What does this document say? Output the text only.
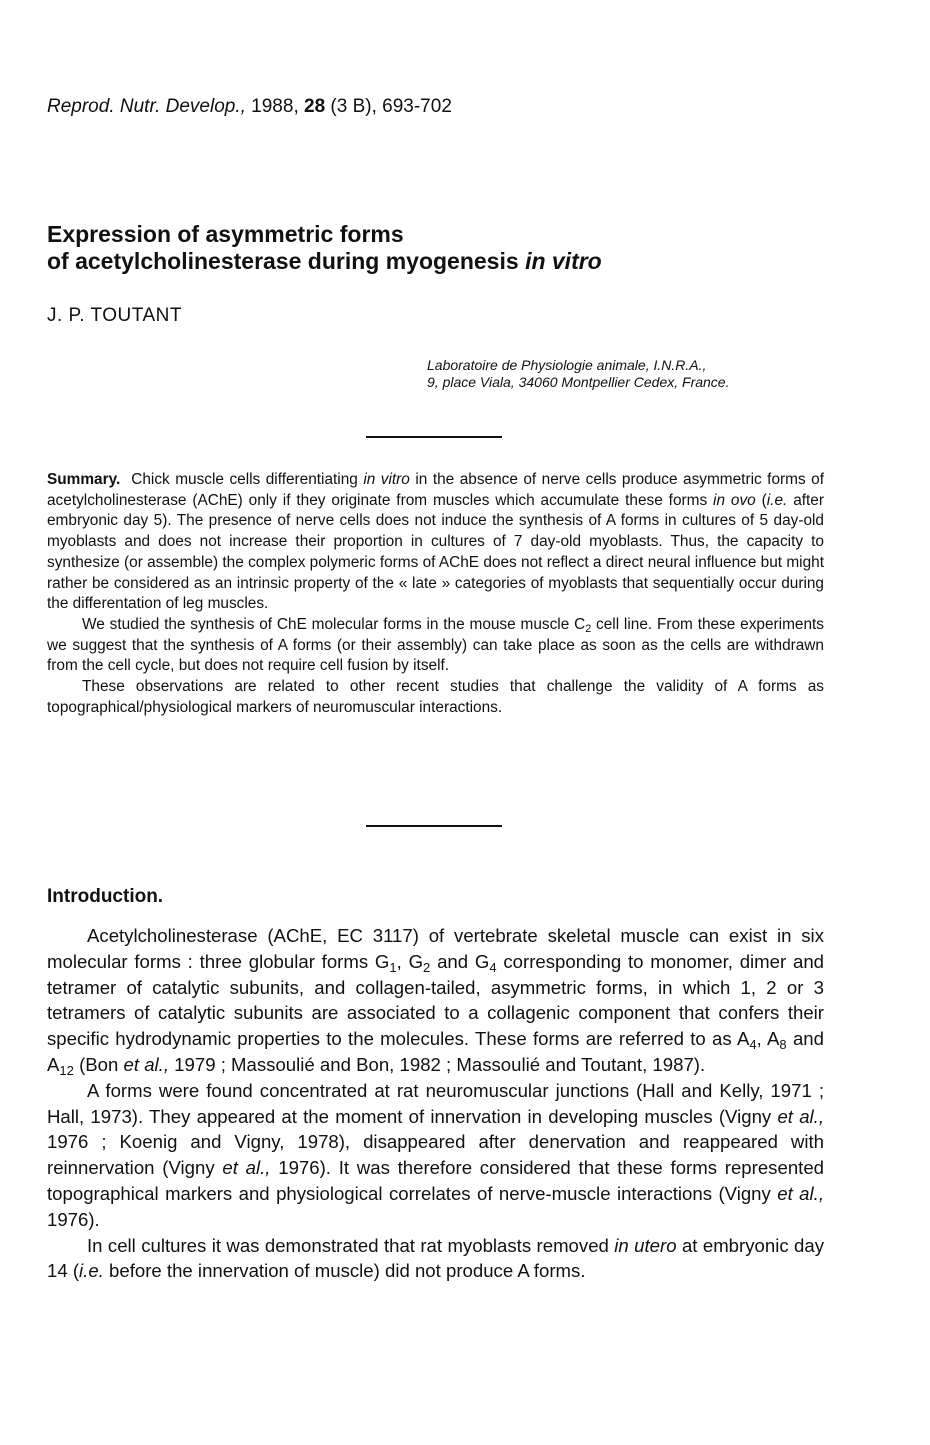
Reprod. Nutr. Develop., 1988, 28 (3 B), 693-702
Expression of asymmetric forms
of acetylcholinesterase during myogenesis in vitro
J. P. TOUTANT
Laboratoire de Physiologie animale, I.N.R.A.,
9, place Viala, 34060 Montpellier Cedex, France.

Summary. Chick muscle cells differentiating in vitro in the absence of nerve cells produce asymmetric forms of acetylcholinesterase (AChE) only if they originate from muscles which accumulate these forms in ovo (i.e. after embryonic day 5). The presence of nerve cells does not induce the synthesis of A forms in cultures of 5 day-old myoblasts and does not increase their proportion in cultures of 7 day-old myoblasts. Thus, the capacity to synthesize (or assemble) the complex polymeric forms of AChE does not reflect a direct neural influence but might rather be considered as an intrinsic property of the « late » categories of myoblasts that sequentially occur during the differentation of leg muscles.

We studied the synthesis of ChE molecular forms in the mouse muscle $C_2$ cell line. From these experiments we suggest that the synthesis of A forms (or their assembly) can take place as soon as the cells are withdrawn from the cell cycle, but does not require cell fusion by itself.

These observations are related to other recent studies that challenge the validity of A forms as topographical/physiological markers of neuromuscular interactions.

Introduction.

Acetylcholinesterase (AChE, EC 3117) of vertebrate skeletal muscle can exist in six molecular forms : three globular forms $G_1$, $G_2$ and $G_4$ corresponding to monomer, dimer and tetramer of catalytic subunits, and collagen-tailed, asymmetric forms, in which 1, 2 or 3 tetramers of catalytic subunits are associated to a collagenic component that confers their specific hydrodynamic properties to the molecules. These forms are referred to as $A_4$, $A_8$ and $A_{12}$ (Bon et al., 1979 ; Massoulié and Bon, 1982 ; Massoulié and Toutant, 1987).

A forms were found concentrated at rat neuromuscular junctions (Hall and Kelly, 1971 ; Hall, 1973). They appeared at the moment of innervation in developing muscles (Vigny et al., 1976 ; Koenig and Vigny, 1978), disappeared after denervation and reappeared with reinnervation (Vigny et al., 1976). It was therefore considered that these forms represented topographical markers and physiological correlates of nerve-muscle interactions (Vigny et al., 1976).

In cell cultures it was demonstrated that rat myoblasts removed in utero at embryonic day 14 (i.e. before the innervation of muscle) did not produce A forms.
